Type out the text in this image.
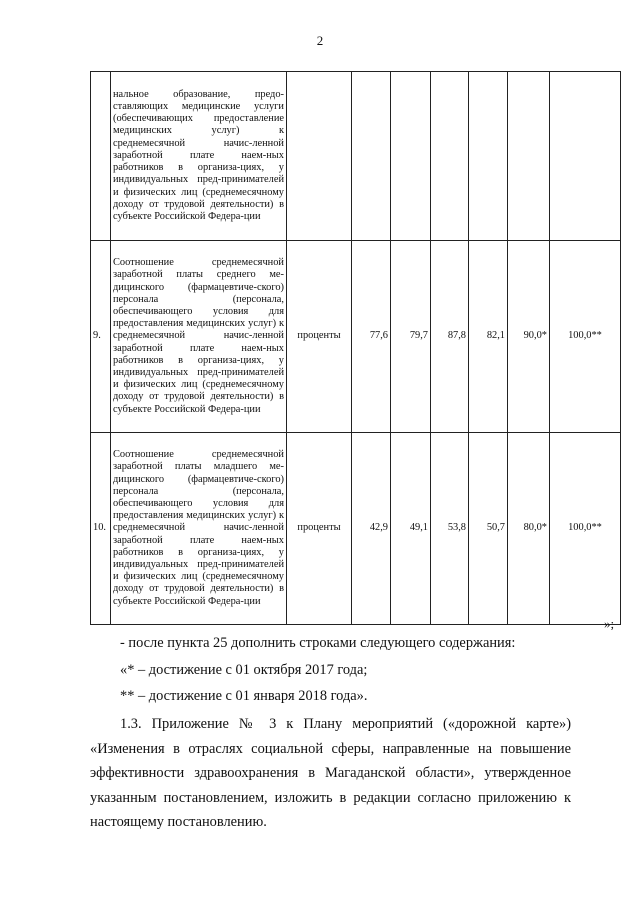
2
	нальное образование, предо-ставляющих медицинские услуги (обеспечивающих предоставление медицинских услуг) к среднемесячной начис-ленной заработной плате наем-ных работников в организа-циях, у индивидуальных пред-принимателей и физических лиц (среднемесячному доходу от трудовой деятельности) в субъекте Российской Федера-ции							
9.	Соотношение среднемесячной заработной платы среднего ме-дицинского (фармацевтиче-ского) персонала (персонала, обеспечивающего условия для предоставления медицинских услуг) к среднемесячной начис-ленной заработной плате наем-ных работников в организа-циях, у индивидуальных пред-принимателей и физических лиц (среднемесячному доходу от трудовой деятельности) в субъекте Российской Федера-ции	проценты	77,6	79,7	87,8	82,1	90,0*	100,0**
10.	Соотношение среднемесячной заработной платы младшего ме-дицинского (фармацевтиче-ского) персонала (персонала, обеспечивающего условия для предоставления медицинских услуг) к среднемесячной начис-ленной заработной плате наем-ных работников в организа-циях, у индивидуальных пред-принимателей и физических лиц (среднемесячному доходу от трудовой деятельности) в субъекте Российской Федера-ции	проценты	42,9	49,1	53,8	50,7	80,0*	100,0**
»;
- после пункта 25 дополнить строками следующего содержания:
«* – достижение с 01 октября 2017 года;
** – достижение с 01 января 2018 года».
1.3. Приложение № 3 к Плану мероприятий («дорожной карте») «Изменения в отраслях социальной сферы, направленные на повышение эффективности здравоохранения в Магаданской области», утвержденное указанным постановлением, изложить в редакции согласно приложению к настоящему постановлению.
